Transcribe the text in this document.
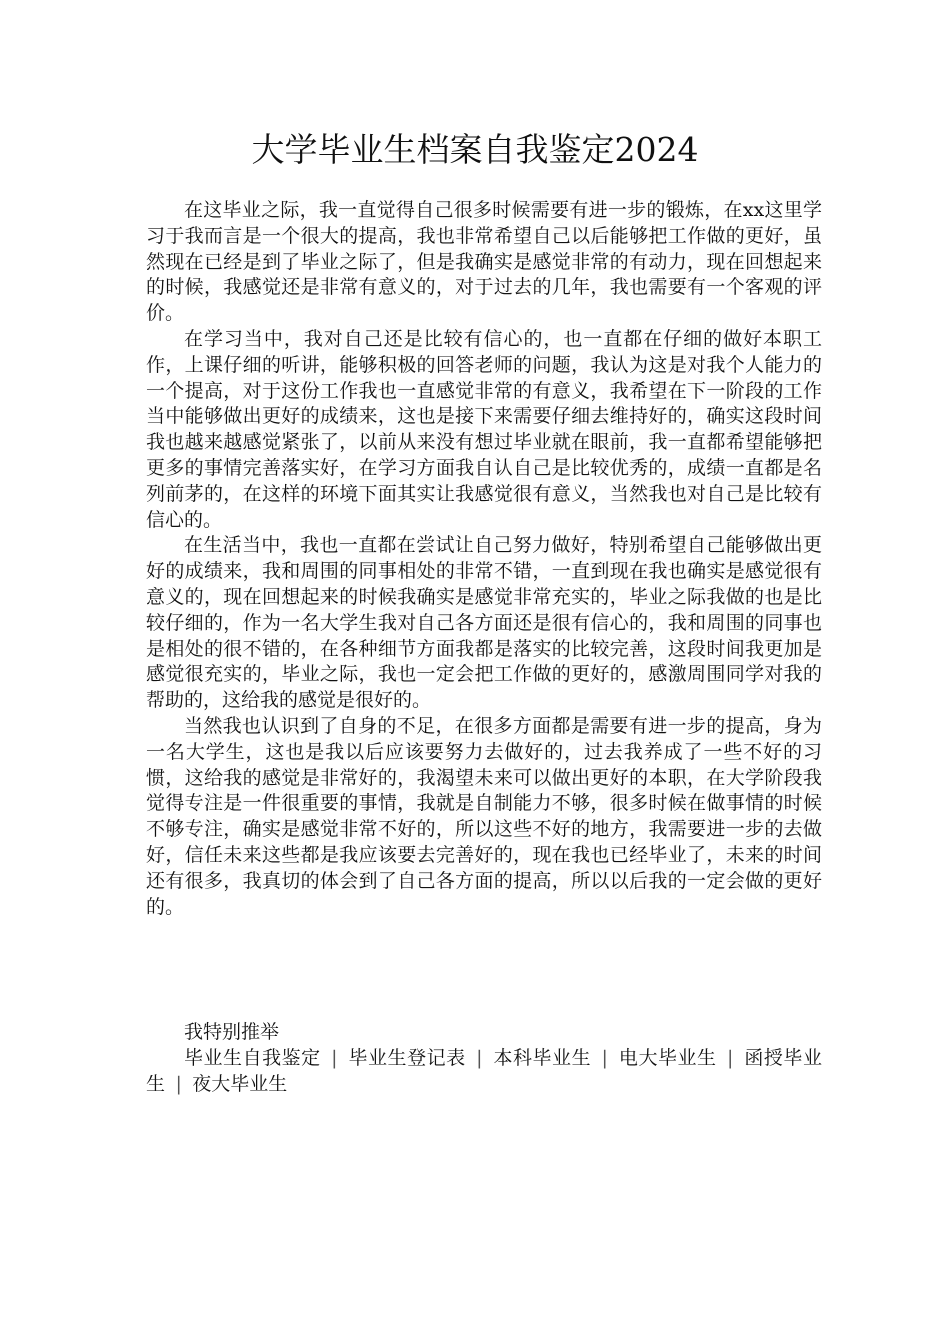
大学毕业生档案自我鉴定2024

在这毕业之际，我一直觉得自己很多时候需要有进一步的锻炼，在xx这里学习于我而言是一个很大的提高，我也非常希望自己以后能够把工作做的更好，虽然现在已经是到了毕业之际了，但是我确实是感觉非常的有动力，现在回想起来的时候，我感觉还是非常有意义的，对于过去的几年，我也需要有一个客观的评价。

在学习当中，我对自己还是比较有信心的，也一直都在仔细的做好本职工作，上课仔细的听讲，能够积极的回答老师的问题，我认为这是对我个人能力的一个提高，对于这份工作我也一直感觉非常的有意义，我希望在下一阶段的工作当中能够做出更好的成绩来，这也是接下来需要仔细去维持好的，确实这段时间我也越来越感觉紧张了，以前从来没有想过毕业就在眼前，我一直都希望能够把更多的事情完善落实好，在学习方面我自认自己是比较优秀的，成绩一直都是名列前茅的，在这样的环境下面其实让我感觉很有意义，当然我也对自己是比较有信心的。

在生活当中，我也一直都在尝试让自己努力做好，特别希望自己能够做出更好的成绩来，我和周围的同事相处的非常不错，一直到现在我也确实是感觉很有意义的，现在回想起来的时候我确实是感觉非常充实的，毕业之际我做的也是比较仔细的，作为一名大学生我对自己各方面还是很有信心的，我和周围的同事也是相处的很不错的，在各种细节方面我都是落实的比较完善，这段时间我更加是感觉很充实的，毕业之际，我也一定会把工作做的更好的，感激周围同学对我的帮助的，这给我的感觉是很好的。

当然我也认识到了自身的不足，在很多方面都是需要有进一步的提高，身为一名大学生，这也是我以后应该要努力去做好的，过去我养成了一些不好的习惯，这给我的感觉是非常好的，我渴望未来可以做出更好的本职，在大学阶段我觉得专注是一件很重要的事情，我就是自制能力不够，很多时候在做事情的时候不够专注，确实是感觉非常不好的，所以这些不好的地方，我需要进一步的去做好，信任未来这些都是我应该要去完善好的，现在我也已经毕业了，未来的时间还有很多，我真切的体会到了自己各方面的提高，所以以后我的一定会做的更好的。

我特别推举

毕业生自我鉴定 | 毕业生登记表 | 本科毕业生 | 电大毕业生 | 函授毕业生 | 夜大毕业生
